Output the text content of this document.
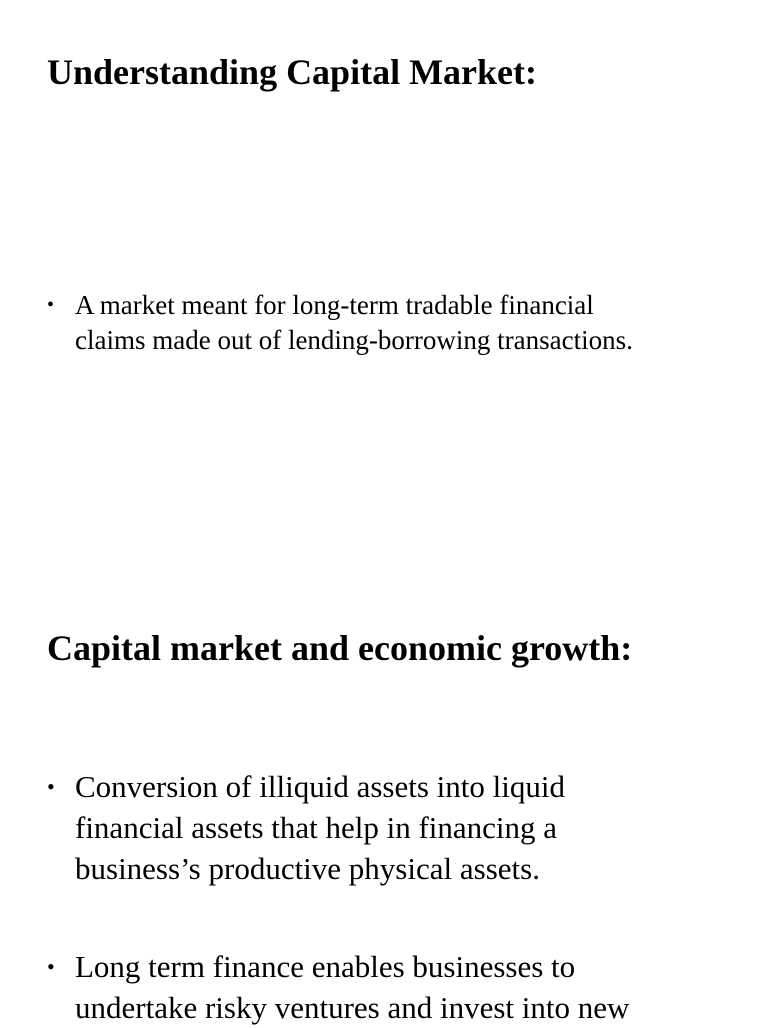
Understanding Capital Market:
• A market meant for long-term tradable financial
claims made out of lending-borrowing transactions.
Capital market and economic growth:
• Conversion of illiquid assets into liquid
financial assets that help in financing a
business’s productive physical assets.
• Long term finance enables businesses to
undertake risky ventures and invest into new
